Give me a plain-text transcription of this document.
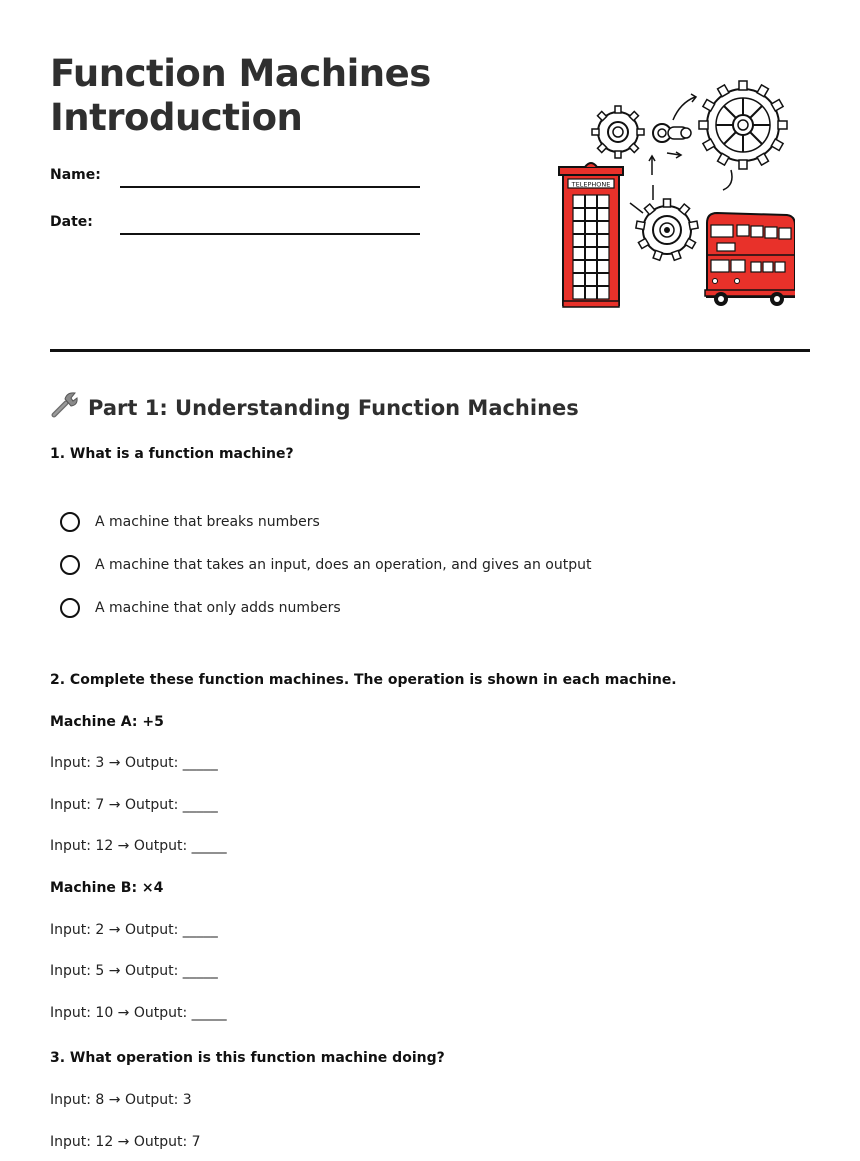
Function Machines
Introduction
Name:
Date:
TELEPHONE
Part 1: Understanding Function Machines
1. What is a function machine?
A machine that breaks numbers
A machine that takes an input, does an operation, and gives an output
A machine that only adds numbers
2. Complete these function machines. The operation is shown in each machine.
Machine A: +5
Input: 3 → Output: _____
Input: 7 → Output: _____
Input: 12 → Output: _____
Machine B: ×4
Input: 2 → Output: _____
Input: 5 → Output: _____
Input: 10 → Output: _____
3. What operation is this function machine doing?
Input: 8 → Output: 3
Input: 12 → Output: 7
